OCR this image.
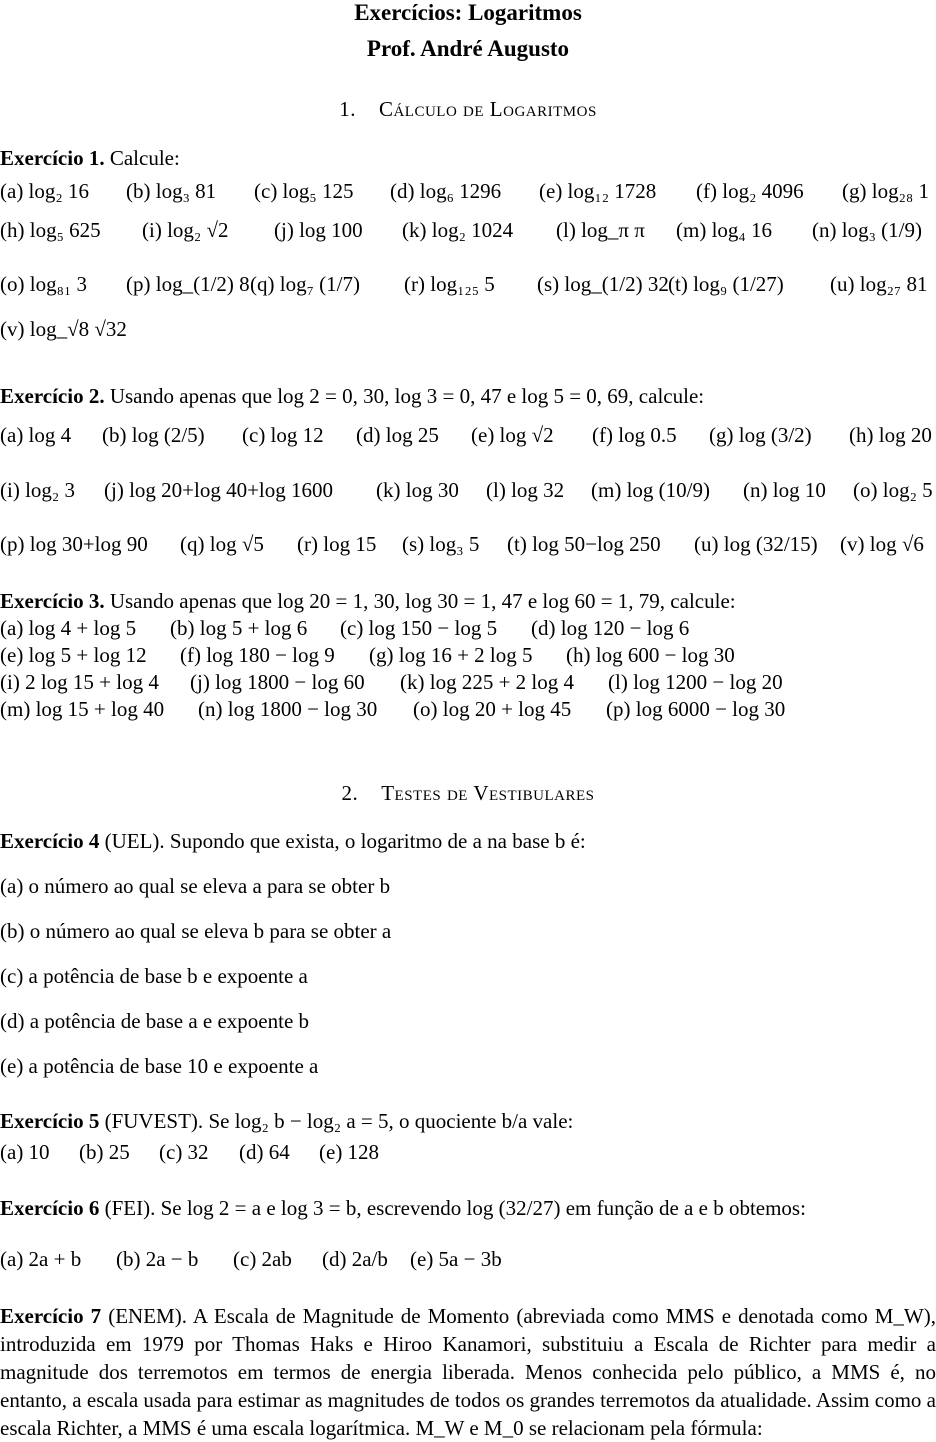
Exercícios: Logaritmos
Prof. André Augusto
1. Cálculo de Logaritmos
Exercício 1. Calcule:
(a) log₂ 16 (b) log₃ 81 (c) log₅ 125 (d) log₆ 1296 (e) log₁₂ 1728 (f) log₂ 4096 (g) log₂₈ 1
(h) log₅ 625 (i) log₂ √2 (j) log 100 (k) log₂ 1024 (l) log_π π (m) log₄ 16 (n) log₃ (1/9)
(o) log₈₁ 3 (p) log_(1/2) 8 (q) log₇ (1/7) (r) log₁₂₅ 5 (s) log_(1/2) 32 (t) log₉ (1/27) (u) log₂₇ 81
(v) log_√8 √32
Exercício 2. Usando apenas que log 2 = 0, 30, log 3 = 0, 47 e log 5 = 0, 69, calcule:
(a) log 4 (b) log (2/5) (c) log 12 (d) log 25 (e) log √2 (f) log 0.5 (g) log (3/2) (h) log 20
(i) log₂ 3 (j) log 20+log 40+log 1600 (k) log 30 (l) log 32 (m) log (10/9) (n) log 10 (o) log₂ 5
(p) log 30+log 90 (q) log √5 (r) log 15 (s) log₃ 5 (t) log 50−log 250 (u) log (32/15) (v) log √6
Exercício 3. Usando apenas que log 20 = 1, 30, log 30 = 1, 47 e log 60 = 1, 79, calcule:
(a) log 4 + log 5 (b) log 5 + log 6 (c) log 150 − log 5 (d) log 120 − log 6
(e) log 5 + log 12 (f) log 180 − log 9 (g) log 16 + 2 log 5 (h) log 600 − log 30
(i) 2 log 15 + log 4 (j) log 1800 − log 60 (k) log 225 + 2 log 4 (l) log 1200 − log 20
(m) log 15 + log 40 (n) log 1800 − log 30 (o) log 20 + log 45 (p) log 6000 − log 30
2. Testes de Vestibulares
Exercício 4 (UEL). Supondo que exista, o logaritmo de a na base b é:
(a) o número ao qual se eleva a para se obter b
(b) o número ao qual se eleva b para se obter a
(c) a potência de base b e expoente a
(d) a potência de base a e expoente b
(e) a potência de base 10 e expoente a
Exercício 5 (FUVEST). Se log₂ b − log₂ a = 5, o quociente b/a vale:
(a) 10 (b) 25 (c) 32 (d) 64 (e) 128
Exercício 6 (FEI). Se log 2 = a e log 3 = b, escrevendo log (32/27) em função de a e b obtemos:
(a) 2a + b (b) 2a − b (c) 2ab (d) 2a/b (e) 5a − 3b
Exercício 7 (ENEM). A Escala de Magnitude de Momento (abreviada como MMS e denotada como M_W), introduzida em 1979 por Thomas Haks e Hiroo Kanamori, substituiu a Escala de Richter para medir a magnitude dos terremotos em termos de energia liberada. Menos conhecida pelo público, a MMS é, no entanto, a escala usada para estimar as magnitudes de todos os grandes terremotos da atualidade. Assim como a escala Richter, a MMS é uma escala logarítmica. M_W e M_0 se relacionam pela fórmula:
